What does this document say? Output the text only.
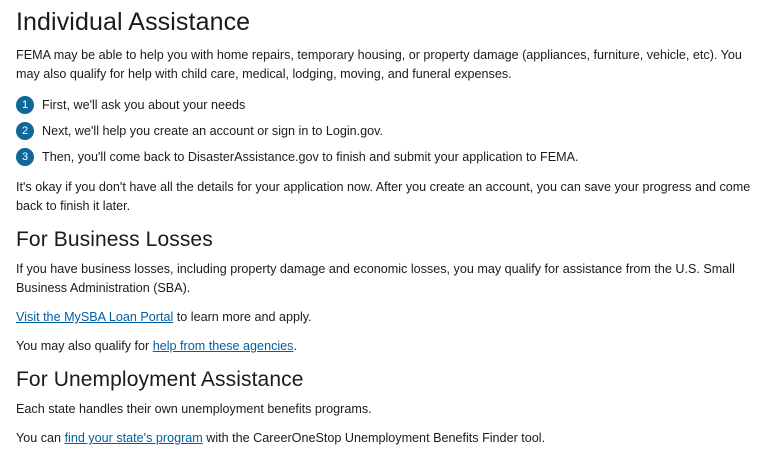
Individual Assistance

FEMA may be able to help you with home repairs, temporary housing, or property damage (appliances, furniture, vehicle, etc). You may also qualify for help with child care, medical, lodging, moving, and funeral expenses.

1	First, we'll ask you about your needs
2	Next, we'll help you create an account or sign in to Login.gov.
3	Then, you'll come back to DisasterAssistance.gov to finish and submit your application to FEMA.

It's okay if you don't have all the details for your application now. After you create an account, you can save your progress and come back to finish it later.

For Business Losses

If you have business losses, including property damage and economic losses, you may qualify for assistance from the U.S. Small Business Administration (SBA).

Visit the MySBA Loan Portal to learn more and apply.

You may also qualify for help from these agencies.

For Unemployment Assistance

Each state handles their own unemployment benefits programs.

You can find your state's program with the CareerOneStop Unemployment Benefits Finder tool.
